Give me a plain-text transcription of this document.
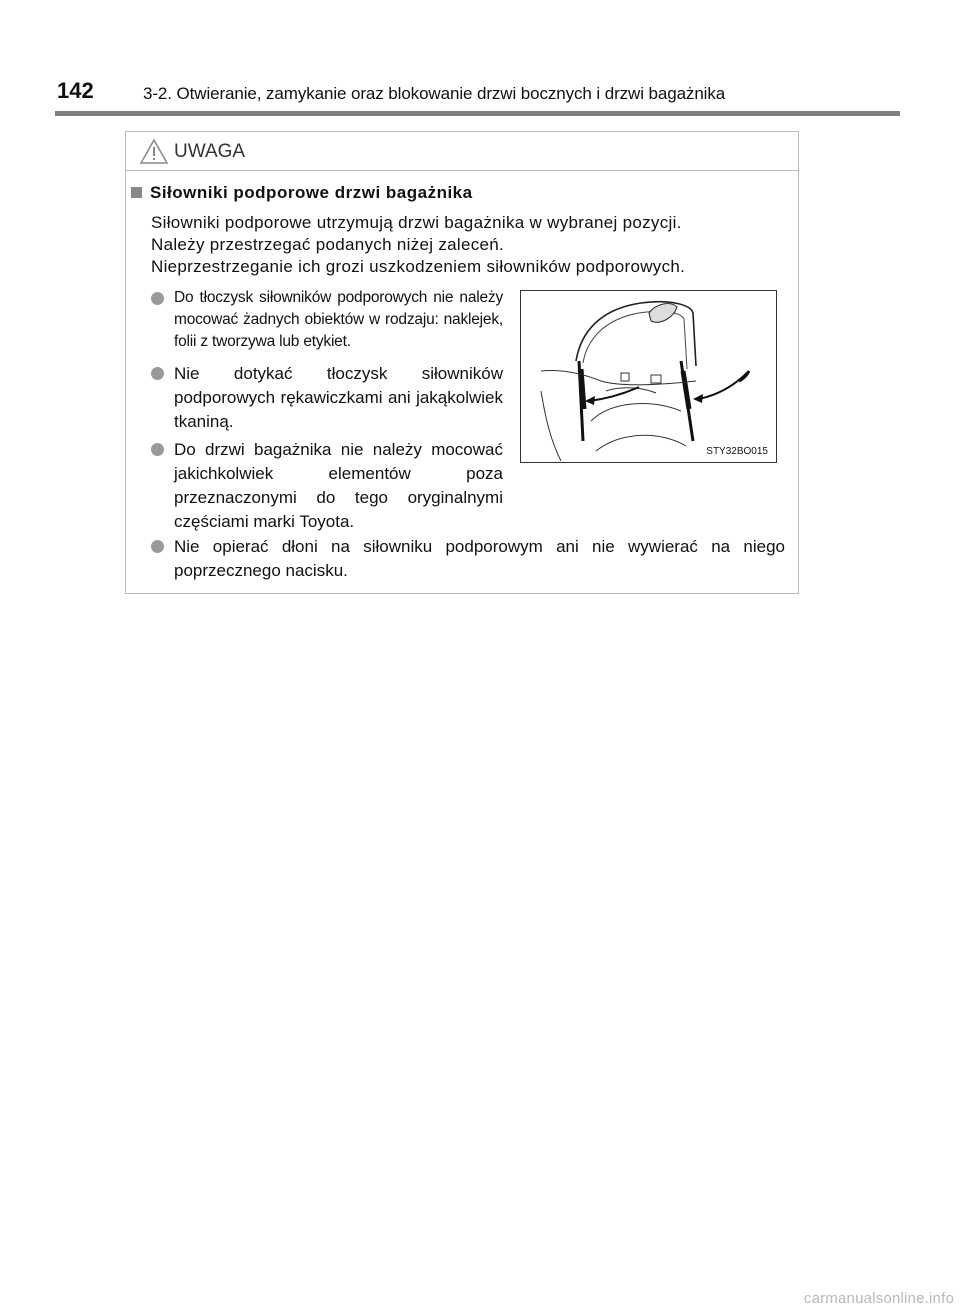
142	3-2. Otwieranie, zamykanie oraz blokowanie drzwi bocznych i drzwi bagażnika
UWAGA
Siłowniki podporowe drzwi bagażnika
Siłowniki podporowe utrzymują drzwi bagażnika w wybranej pozycji.
Należy przestrzegać podanych niżej zaleceń.
Nieprzestrzeganie ich grozi uszkodzeniem siłowników podporowych.
Do tłoczysk siłowników podporowych nie należy mocować żadnych obiektów w rodzaju: naklejek, folii z tworzywa lub etykiet.
Nie dotykać tłoczysk siłowników podporowych rękawiczkami ani jakąkolwiek tkaniną.
Do drzwi bagażnika nie należy mocować jakichkolwiek elementów poza przeznaczonymi do tego oryginalnymi częściami marki Toyota.
Nie opierać dłoni na siłowniku podporowym ani nie wywierać na niego poprzecznego nacisku.
STY32BO015
carmanualsonline.info
